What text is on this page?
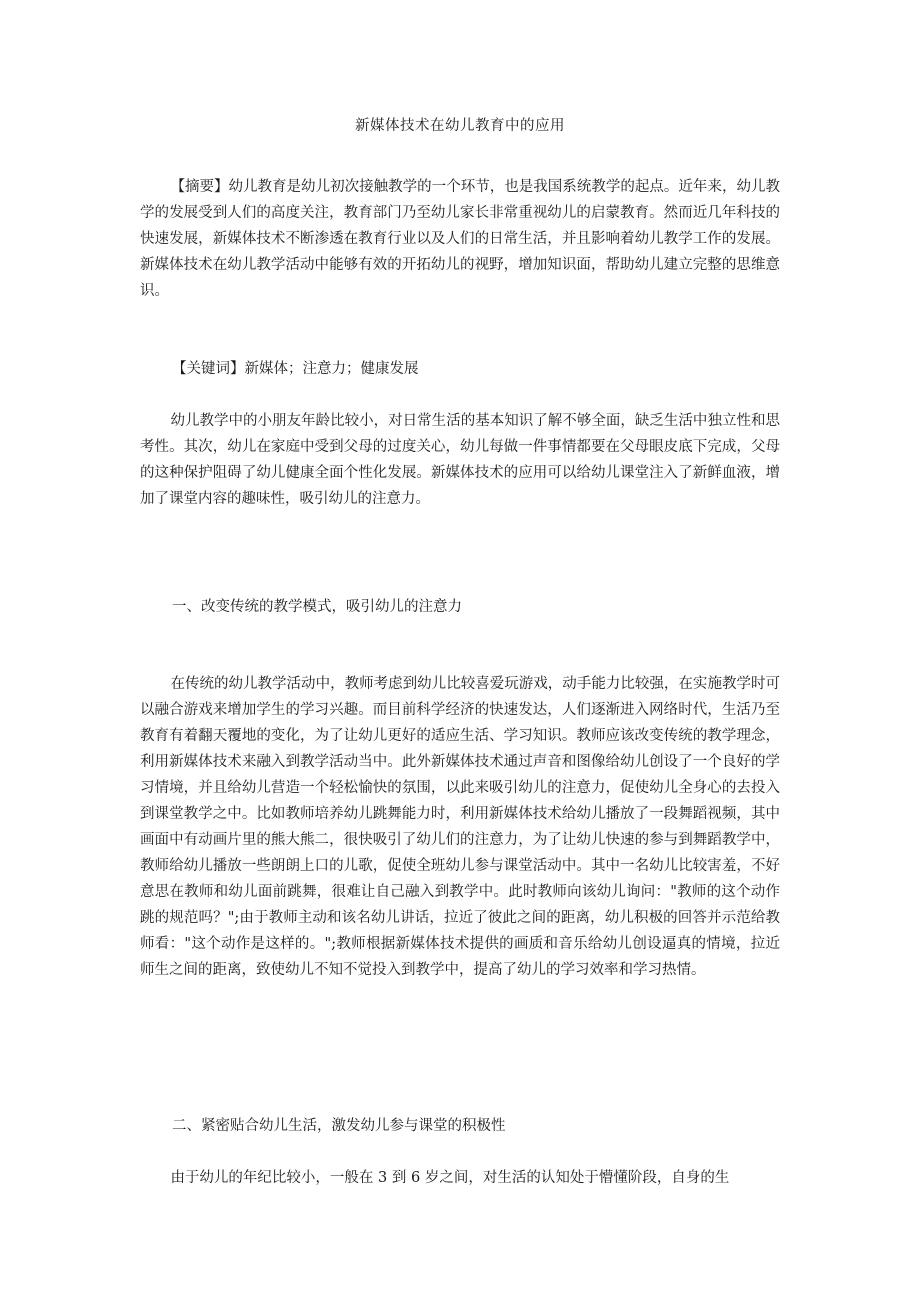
新媒体技术在幼儿教育中的应用

【摘要】幼儿教育是幼儿初次接触教学的一个环节，也是我国系统教学的起点。近年来，幼儿教学的发展受到人们的高度关注，教育部门乃至幼儿家长非常重视幼儿的启蒙教育。然而近几年科技的快速发展，新媒体技术不断渗透在教育行业以及人们的日常生活，并且影响着幼儿教学工作的发展。新媒体技术在幼儿教学活动中能够有效的开拓幼儿的视野，增加知识面，帮助幼儿建立完整的思维意识。

【关键词】新媒体；注意力；健康发展

幼儿教学中的小朋友年龄比较小，对日常生活的基本知识了解不够全面，缺乏生活中独立性和思考性。其次，幼儿在家庭中受到父母的过度关心，幼儿每做一件事情都要在父母眼皮底下完成，父母的这种保护阻碍了幼儿健康全面个性化发展。新媒体技术的应用可以给幼儿课堂注入了新鲜血液，增加了课堂内容的趣味性，吸引幼儿的注意力。

一、改变传统的教学模式，吸引幼儿的注意力

在传统的幼儿教学活动中，教师考虑到幼儿比较喜爱玩游戏，动手能力比较强，在实施教学时可以融合游戏来增加学生的学习兴趣。而目前科学经济的快速发达，人们逐渐进入网络时代，生活乃至教育有着翻天覆地的变化，为了让幼儿更好的适应生活、学习知识。教师应该改变传统的教学理念，利用新媒体技术来融入到教学活动当中。此外新媒体技术通过声音和图像给幼儿创设了一个良好的学习情境，并且给幼儿营造一个轻松愉快的氛围，以此来吸引幼儿的注意力，促使幼儿全身心的去投入到课堂教学之中。比如教师培养幼儿跳舞能力时，利用新媒体技术给幼儿播放了一段舞蹈视频，其中画面中有动画片里的熊大熊二，很快吸引了幼儿们的注意力，为了让幼儿快速的参与到舞蹈教学中，教师给幼儿播放一些朗朗上口的儿歌，促使全班幼儿参与课堂活动中。其中一名幼儿比较害羞，不好意思在教师和幼儿面前跳舞，很难让自己融入到教学中。此时教师向该幼儿询问："教师的这个动作跳的规范吗？";由于教师主动和该名幼儿讲话，拉近了彼此之间的距离，幼儿积极的回答并示范给教师看："这个动作是这样的。";教师根据新媒体技术提供的画质和音乐给幼儿创设逼真的情境，拉近师生之间的距离，致使幼儿不知不觉投入到教学中，提高了幼儿的学习效率和学习热情。

二、紧密贴合幼儿生活，激发幼儿参与课堂的积极性

由于幼儿的年纪比较小，一般在 3 到 6 岁之间，对生活的认知处于懵懂阶段，自身的生
